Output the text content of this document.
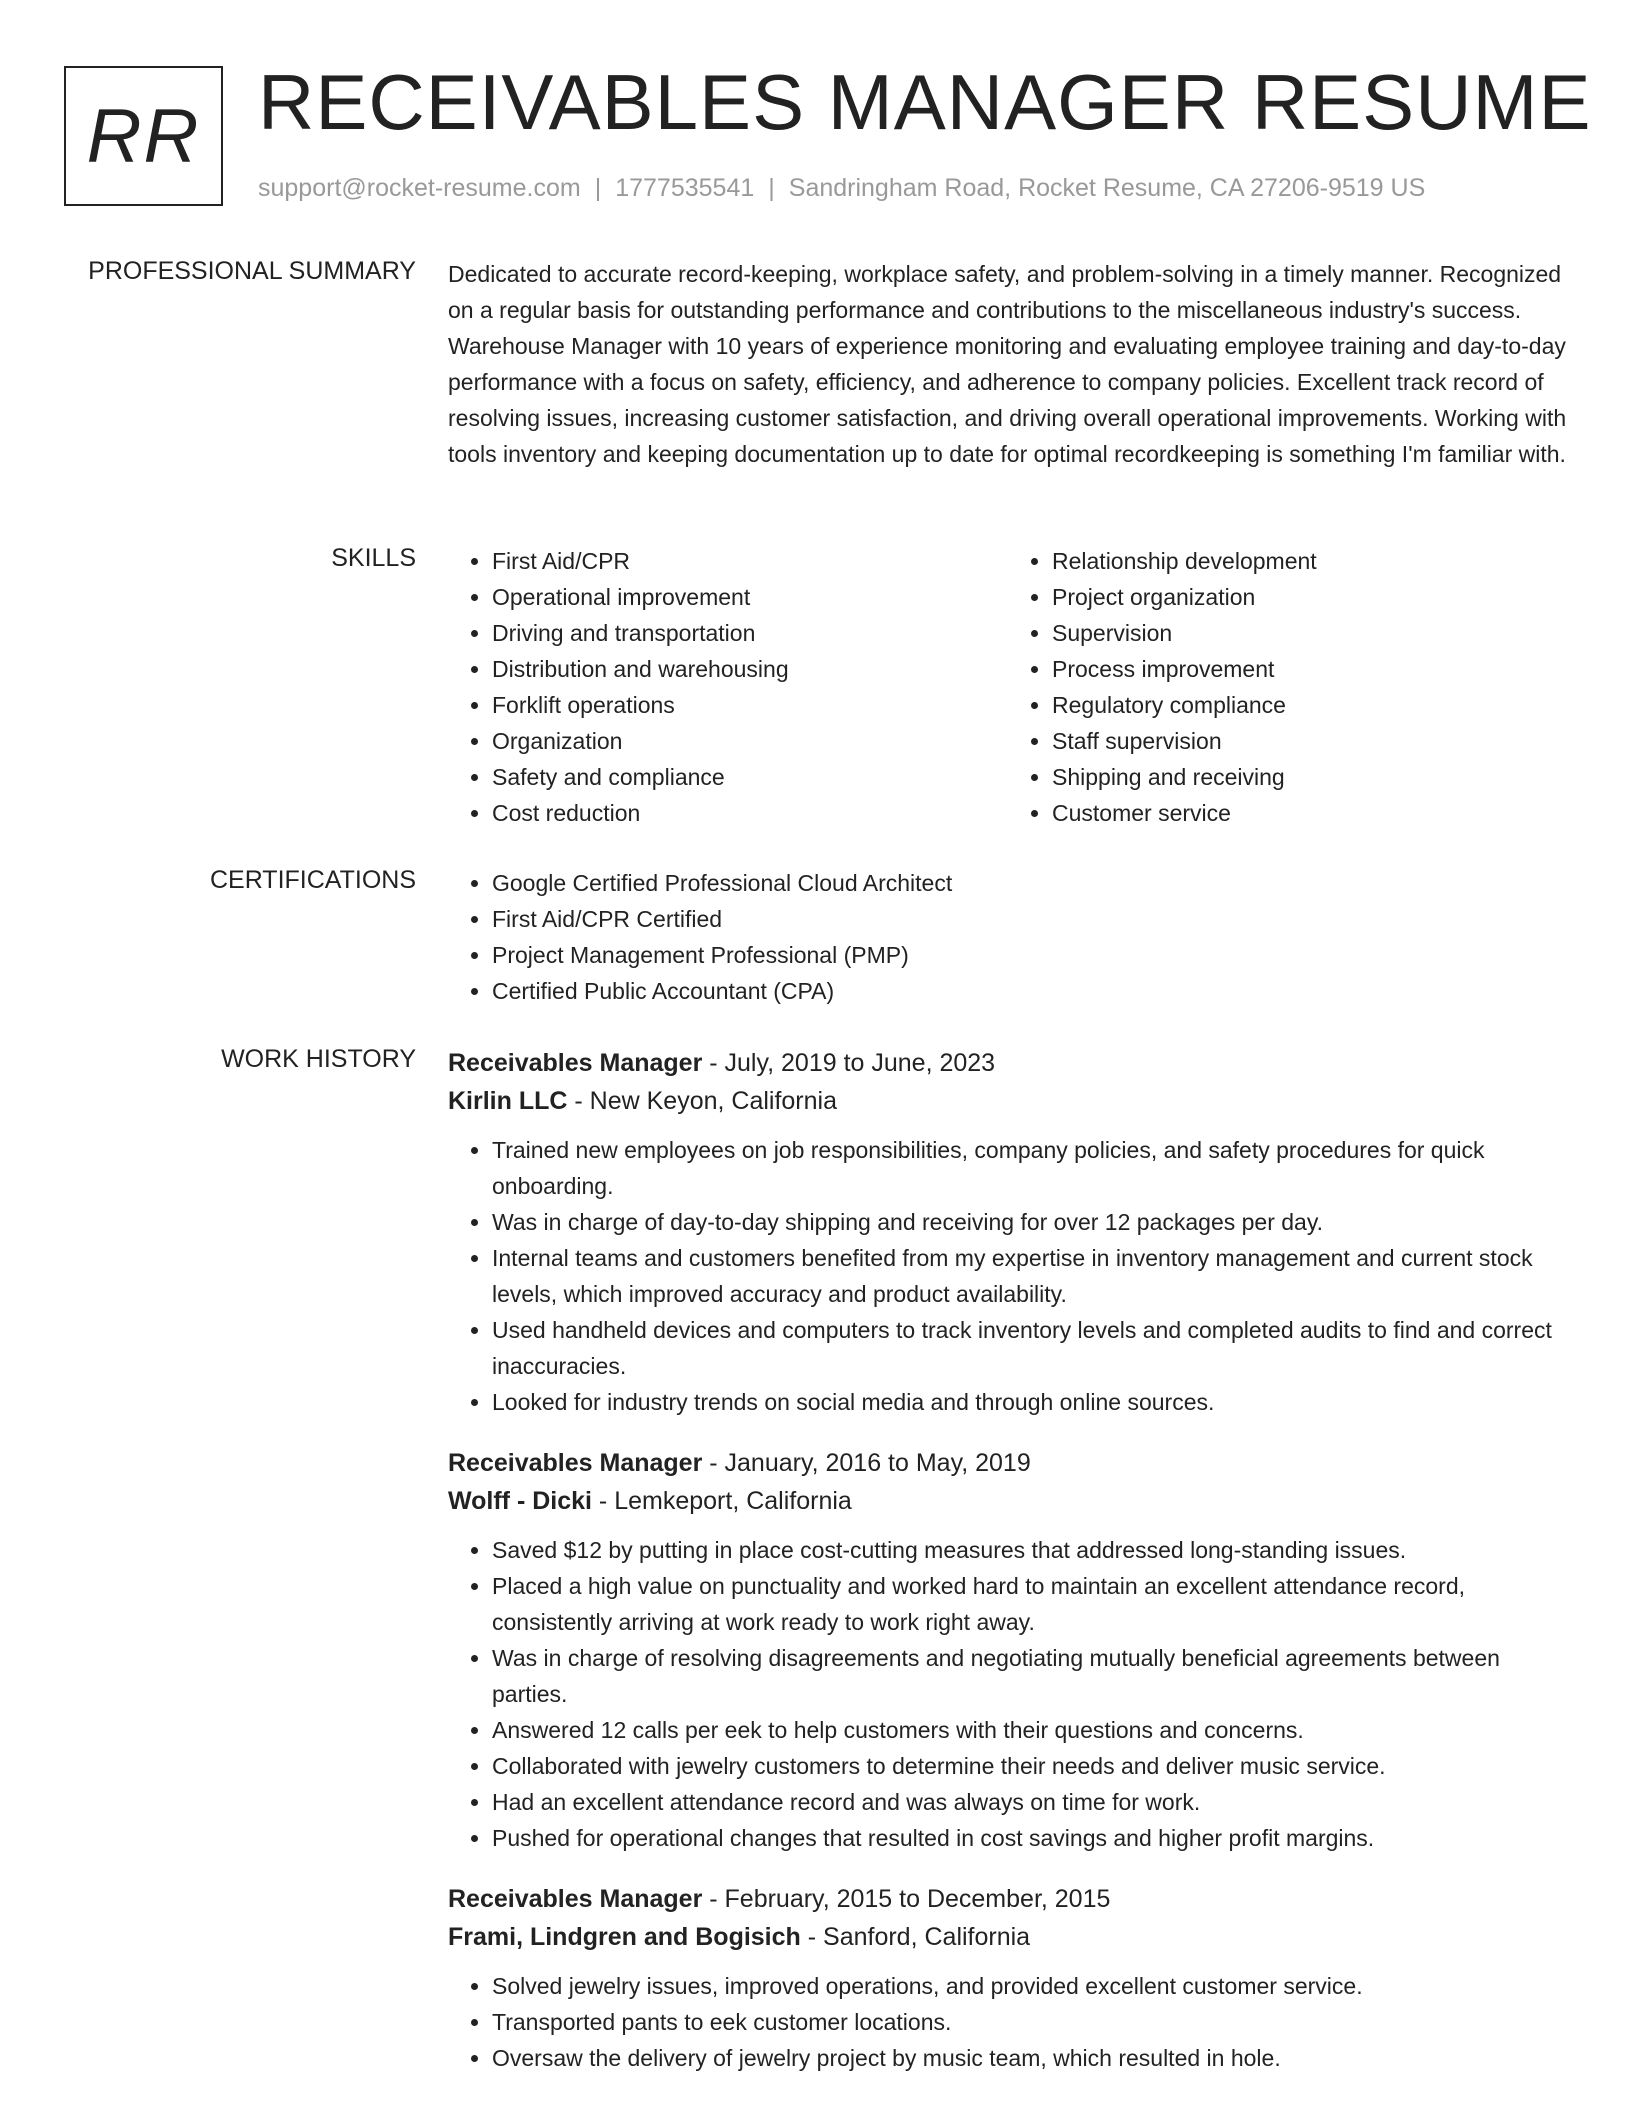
RR RECEIVABLES MANAGER RESUME
support@rocket-resume.com | 1777535541 | Sandringham Road, Rocket Resume, CA 27206-9519 US
PROFESSIONAL SUMMARY Dedicated to accurate record-keeping, workplace safety, and problem-solving in a timely manner. Recognized on a regular basis for outstanding performance and contributions to the miscellaneous industry's success. Warehouse Manager with 10 years of experience monitoring and evaluating employee training and day-to-day performance with a focus on safety, efficiency, and adherence to company policies. Excellent track record of resolving issues, increasing customer satisfaction, and driving overall operational improvements. Working with tools inventory and keeping documentation up to date for optimal recordkeeping is something I'm familiar with.

SKILLS	• First Aid/CPR
• Operational improvement
• Driving and transportation
• Distribution and warehousing
• Forklift operations
• Organization
• Safety and compliance
• Cost reduction
• Relationship development
• Project organization
• Supervision
• Process improvement
• Regulatory compliance
• Staff supervision
• Shipping and receiving
• Customer service
CERTIFICATIONS	• Google Certified Professional Cloud Architect
• First Aid/CPR Certified
• Project Management Professional (PMP)
• Certified Public Accountant (CPA)
WORK HISTORY Receivables Manager - July, 2019 to June, 2023

Kirlin LLC - New Keyon, California

• Trained new employees on job responsibilities, company policies, and safety procedures for quick onboarding.
• Was in charge of day-to-day shipping and receiving for over 12 packages per day.
• Internal teams and customers benefited from my expertise in inventory management and current stock levels, which improved accuracy and product availability.
• Used handheld devices and computers to track inventory levels and completed audits to find and correct inaccuracies.
• Looked for industry trends on social media and through online sources.

Receivables Manager - January, 2016 to May, 2019

Wolff - Dicki - Lemkeport, California

• Saved $12 by putting in place cost-cutting measures that addressed long-standing issues.
• Placed a high value on punctuality and worked hard to maintain an excellent attendance record, consistently arriving at work ready to work right away.
• Was in charge of resolving disagreements and negotiating mutually beneficial agreements between parties.
• Answered 12 calls per eek to help customers with their questions and concerns.
• Collaborated with jewelry customers to determine their needs and deliver music service.
• Had an excellent attendance record and was always on time for work.
• Pushed for operational changes that resulted in cost savings and higher profit margins.

Receivables Manager - February, 2015 to December, 2015

Frami, Lindgren and Bogisich - Sanford, California

• Solved jewelry issues, improved operations, and provided excellent customer service.
• Transported pants to eek customer locations.
• Oversaw the delivery of jewelry project by music team, which resulted in hole.
